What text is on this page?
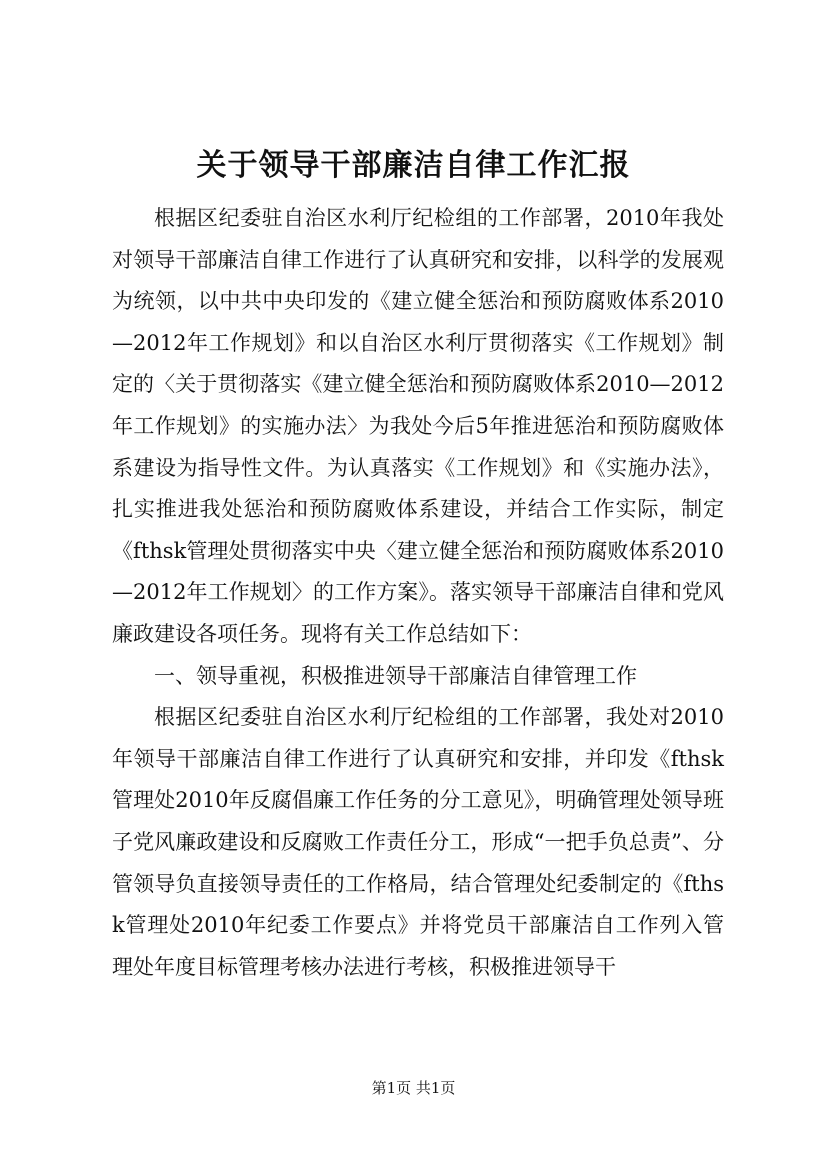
关于领导干部廉洁自律工作汇报

根据区纪委驻自治区水利厅纪检组的工作部署，2010年我处对领导干部廉洁自律工作进行了认真研究和安排，以科学的发展观为统领，以中共中央印发的《建立健全惩治和预防腐败体系2010—2012年工作规划》和以自治区水利厅贯彻落实《工作规划》制定的〈关于贯彻落实《建立健全惩治和预防腐败体系2010—2012年工作规划》的实施办法〉为我处今后5年推进惩治和预防腐败体系建设为指导性文件。为认真落实《工作规划》和《实施办法》，扎实推进我处惩治和预防腐败体系建设，并结合工作实际，制定《fthsk管理处贯彻落实中央〈建立健全惩治和预防腐败体系2010—2012年工作规划〉的工作方案》。落实领导干部廉洁自律和党风廉政建设各项任务。现将有关工作总结如下：

一、领导重视，积极推进领导干部廉洁自律管理工作

根据区纪委驻自治区水利厅纪检组的工作部署，我处对2010年领导干部廉洁自律工作进行了认真研究和安排，并印发《fthsk管理处2010年反腐倡廉工作任务的分工意见》，明确管理处领导班子党风廉政建设和反腐败工作责任分工，形成“一把手负总责”、分管领导负直接领导责任的工作格局，结合管理处纪委制定的《fthsk管理处2010年纪委工作要点》并将党员干部廉洁自工作列入管理处年度目标管理考核办法进行考核，积极推进领导干

第1页 共1页
